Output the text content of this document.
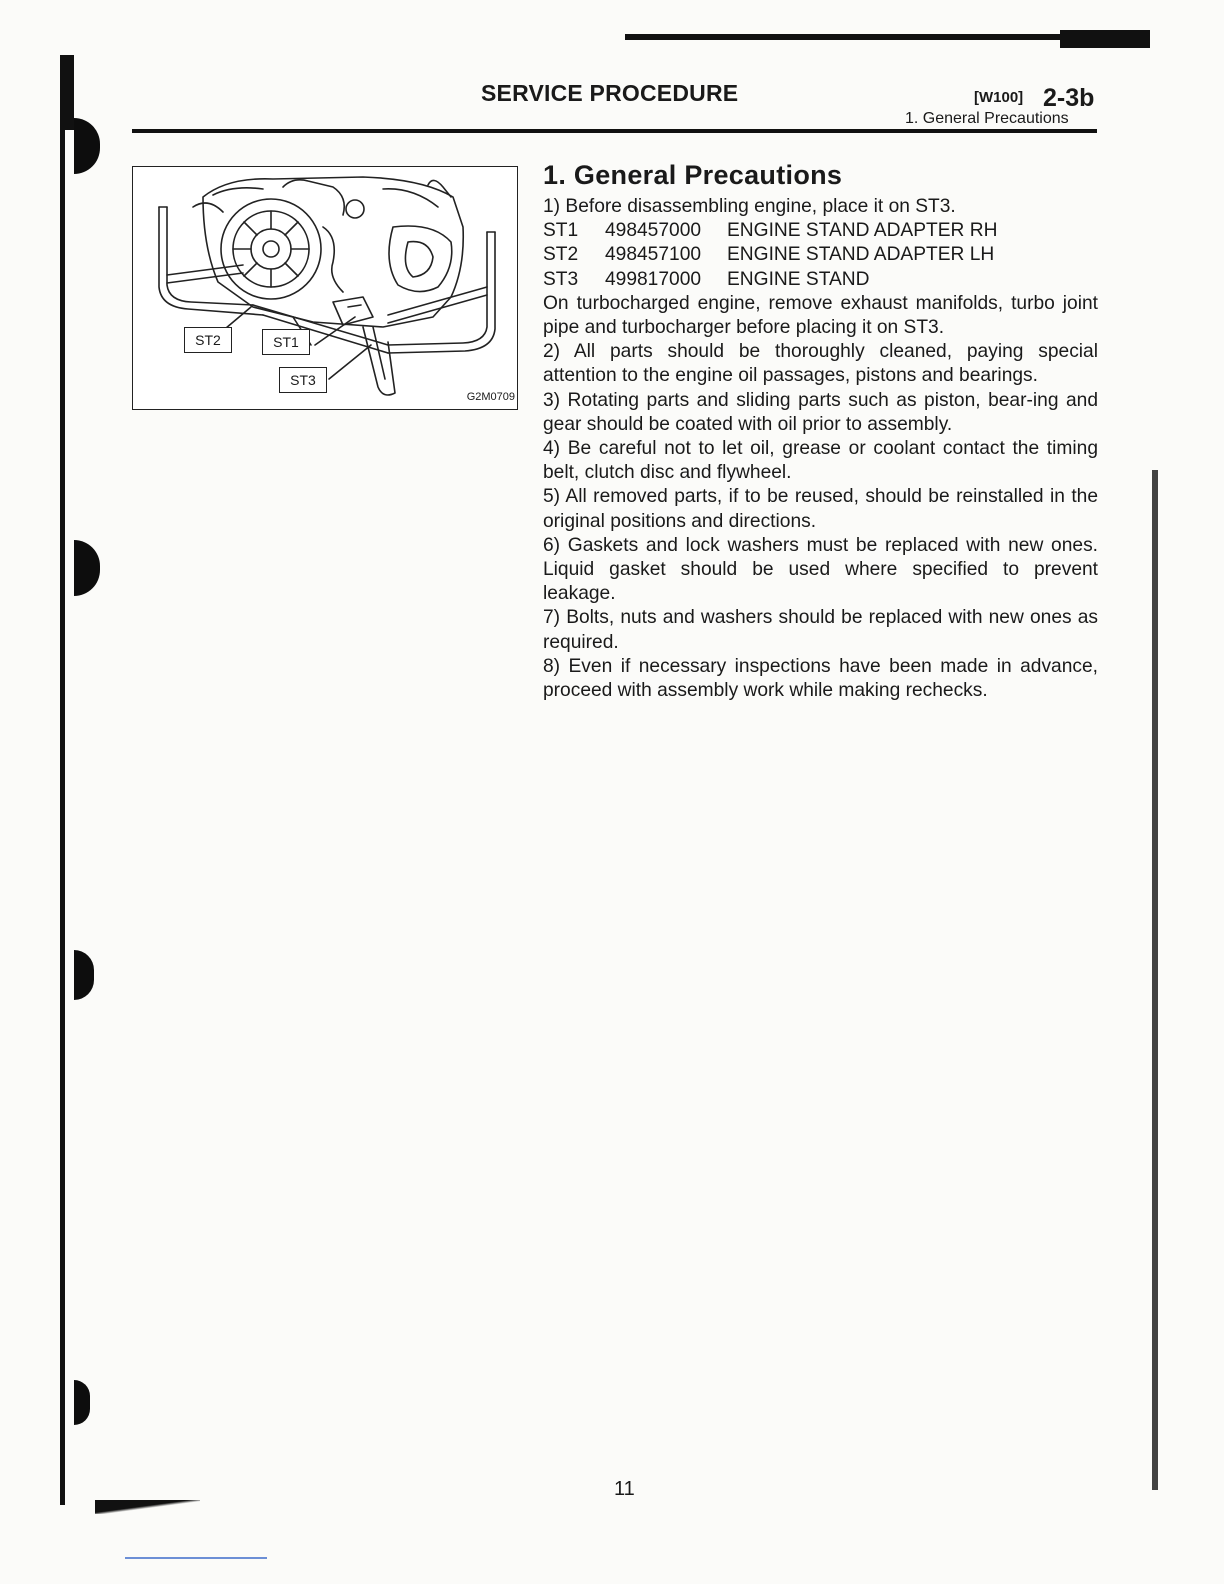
SERVICE PROCEDURE	[W100] 2-3b
1. General Precautions
ST2	ST1
ST3
G2M0709
1. General Precautions

1) Before disassembling engine, place it on ST3.

ST1	498457000	ENGINE STAND ADAPTER RH
ST2	498457100	ENGINE STAND ADAPTER LH
ST3	499817000	ENGINE STAND

On turbocharged engine, remove exhaust manifolds, turbo joint pipe and turbocharger before placing it on ST3.

2) All parts should be thoroughly cleaned, paying special attention to the engine oil passages, pistons and bearings.

3) Rotating parts and sliding parts such as piston, bear-ing and gear should be coated with oil prior to assembly.

4) Be careful not to let oil, grease or coolant contact the timing belt, clutch disc and flywheel.

5) All removed parts, if to be reused, should be reinstalled in the original positions and directions.

6) Gaskets and lock washers must be replaced with new ones. Liquid gasket should be used where specified to prevent leakage.

7) Bolts, nuts and washers should be replaced with new ones as required.

8) Even if necessary inspections have been made in advance, proceed with assembly work while making rechecks.

11
